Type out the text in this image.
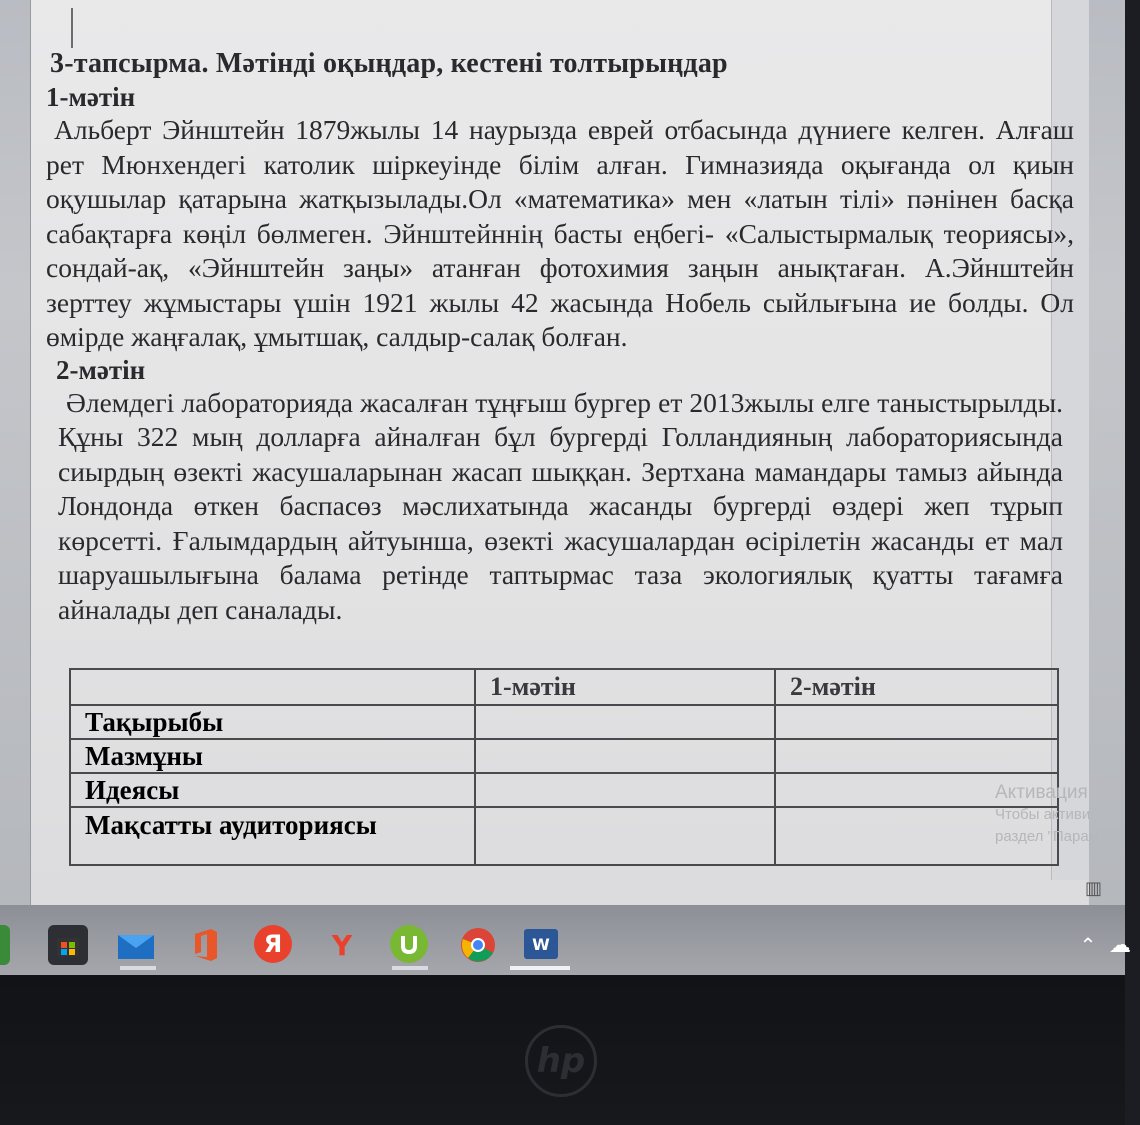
3-тапсырма. Мәтінді оқыңдар, кестені толтырыңдар

1-мәтін

Альберт Эйнштейн 1879жылы 14 наурызда еврей отбасында дүниеге келген. Алғаш рет Мюнхендегі католик шіркеуінде білім алған. Гимназияда оқығанда ол қиын оқушылар қатарына жатқызылады.Ол «математика» мен «латын тілі» пәнінен басқа сабақтарға көңіл бөлмеген. Эйнштейннің басты еңбегі- «Салыстырмалық теориясы», сондай-ақ, «Эйнштейн заңы» атанған фотохимия заңын анықтаған. А.Эйнштейн зерттеу жұмыстары үшін 1921 жылы 42 жасында Нобель сыйлығына ие болды. Ол өмірде жаңғалақ, ұмытшақ, салдыр-салақ болған.

2-мәтін

Әлемдегі лабораторияда жасалған тұңғыш бургер ет 2013жылы елге таныстырылды. Құны 322 мың долларға айналған бұл бургерді Голландияның лабораториясында сиырдың өзекті жасушаларынан жасап шыққан. Зертхана мамандары тамыз айында Лондонда өткен баспасөз мәслихатында жасанды бургерді өздері жеп тұрып көрсетті. Ғалымдардың айтуынша, өзекті жасушалардан өсірілетін жасанды ет мал шаруашылығына балама ретінде таптырмас таза экологиялық қуатты тағамға айналады деп саналады.

	1-мәтін	2-мәтін
Тақырыбы		
Мазмұны		
Идеясы		
Мақсатты аудиториясы		
Активация
Чтобы активи
раздел "Парам
▥
Я	Y	W	⌃ ☁
hp
